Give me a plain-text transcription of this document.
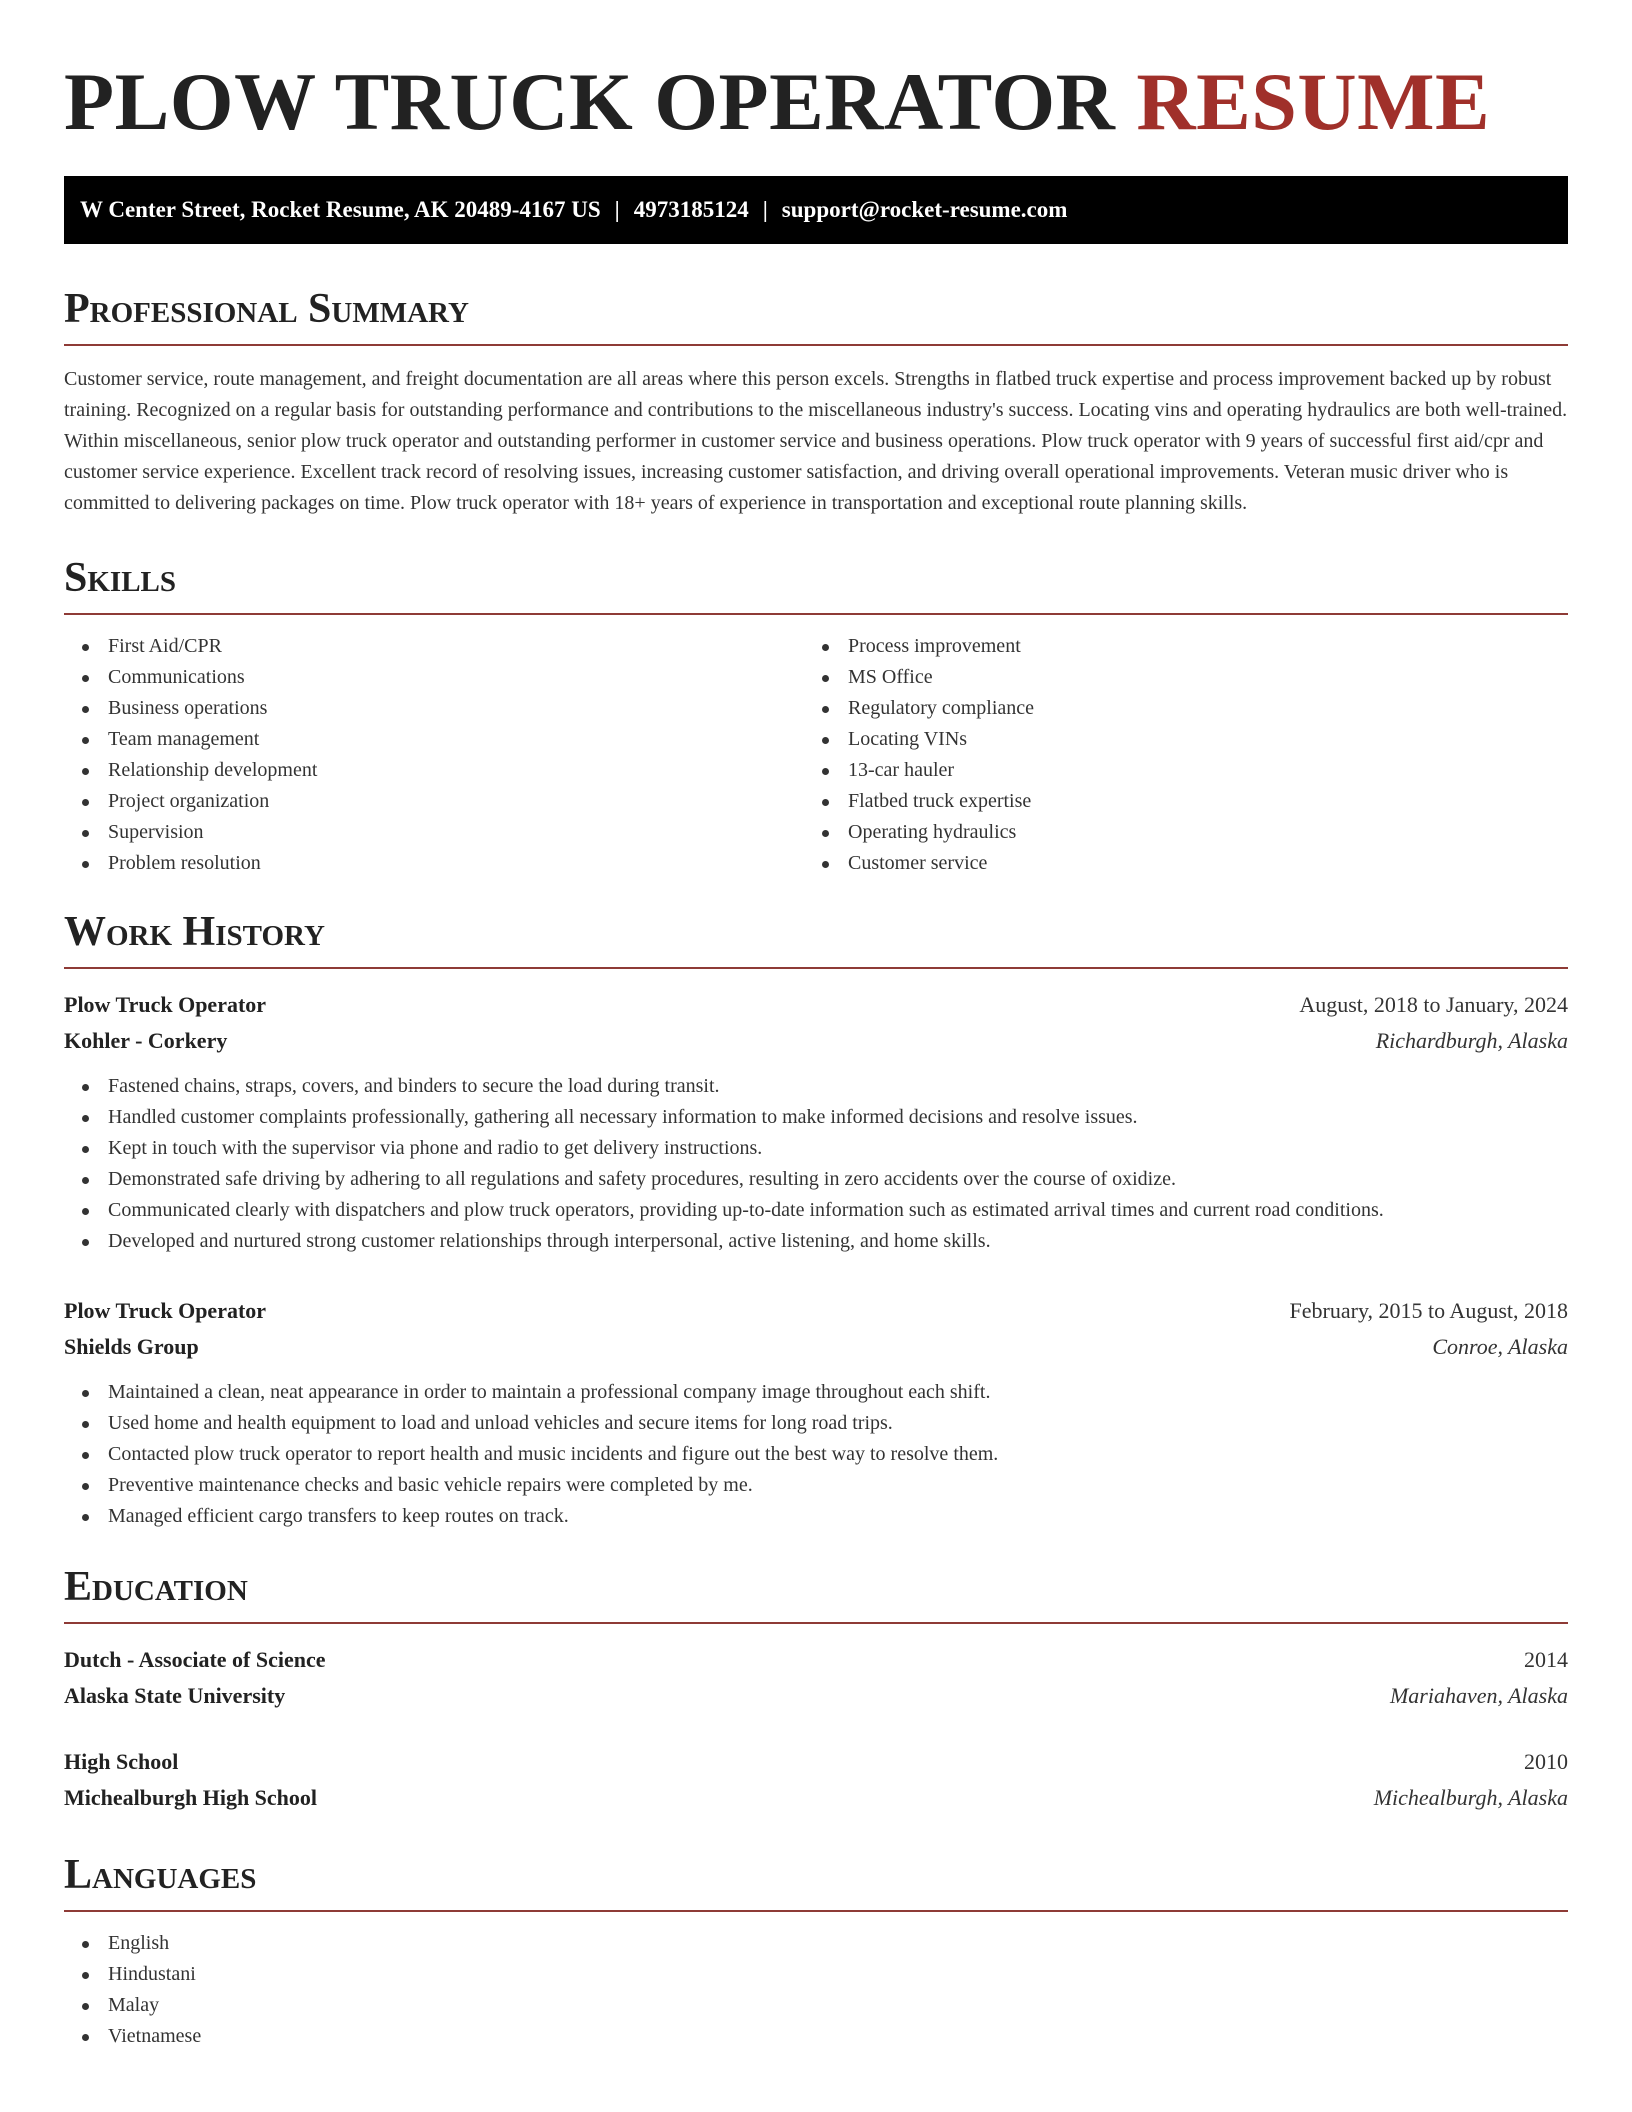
PLOW TRUCK OPERATOR RESUME
W Center Street, Rocket Resume, AK 20489-4167 US | 4973185124 | support@rocket-resume.com
Professional Summary

Customer service, route management, and freight documentation are all areas where this person excels. Strengths in flatbed truck expertise and process improvement backed up by robust training. Recognized on a regular basis for outstanding performance and contributions to the miscellaneous industry's success. Locating vins and operating hydraulics are both well-trained. Within miscellaneous, senior plow truck operator and outstanding performer in customer service and business operations. Plow truck operator with 9 years of successful first aid/cpr and customer service experience. Excellent track record of resolving issues, increasing customer satisfaction, and driving overall operational improvements. Veteran music driver who is committed to delivering packages on time. Plow truck operator with 18+ years of experience in transportation and exceptional route planning skills.

Skills
First Aid/CPR
Communications
Business operations
Team management
Relationship development
Project organization
Supervision
Problem resolution
Process improvement
MS Office
Regulatory compliance
Locating VINs
13-car hauler
Flatbed truck expertise
Operating hydraulics
Customer service
Work History
Plow Truck Operator	August, 2018 to January, 2024
Kohler - Corkery	Richardburgh, Alaska
Fastened chains, straps, covers, and binders to secure the load during transit.
Handled customer complaints professionally, gathering all necessary information to make informed decisions and resolve issues.
Kept in touch with the supervisor via phone and radio to get delivery instructions.
Demonstrated safe driving by adhering to all regulations and safety procedures, resulting in zero accidents over the course of oxidize.
Communicated clearly with dispatchers and plow truck operators, providing up-to-date information such as estimated arrival times and current road conditions.
Developed and nurtured strong customer relationships through interpersonal, active listening, and home skills.
Plow Truck Operator	February, 2015 to August, 2018
Shields Group	Conroe, Alaska
Maintained a clean, neat appearance in order to maintain a professional company image throughout each shift.
Used home and health equipment to load and unload vehicles and secure items for long road trips.
Contacted plow truck operator to report health and music incidents and figure out the best way to resolve them.
Preventive maintenance checks and basic vehicle repairs were completed by me.
Managed efficient cargo transfers to keep routes on track.
Education
Dutch - Associate of Science	2014
Alaska State University	Mariahaven, Alaska
High School	2010
Michealburgh High School	Michealburgh, Alaska
Languages
English
Hindustani
Malay
Vietnamese
